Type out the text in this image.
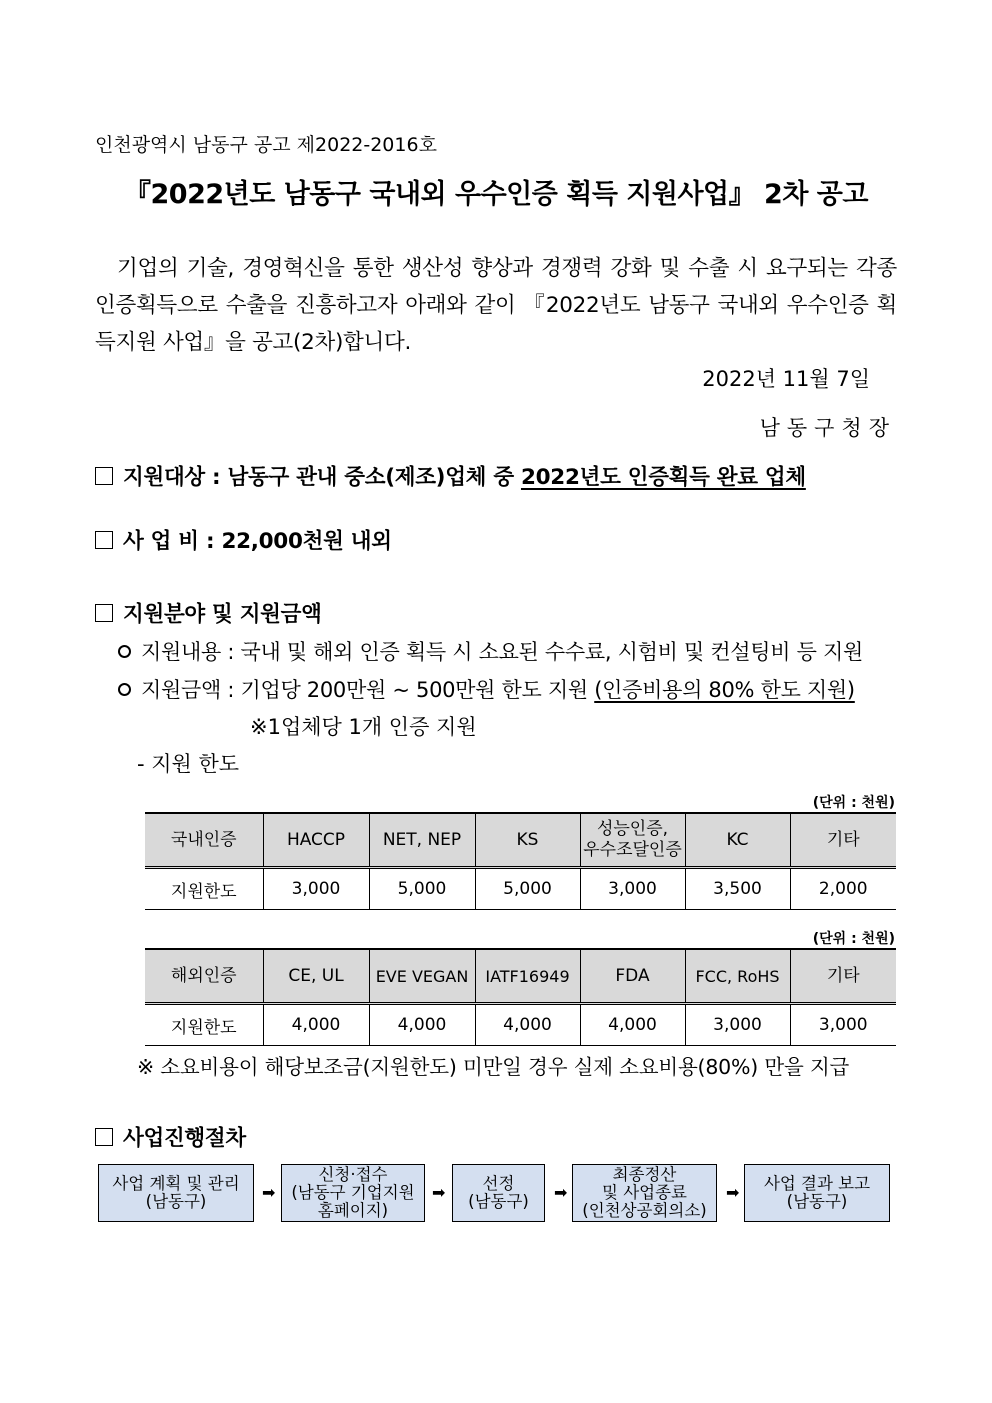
인천광역시 남동구 공고 제2022-2016호
『2022년도 남동구 국내외 우수인증 획득 지원사업』 2차 공고
기업의 기술, 경영혁신을 통한 생산성 향상과 경쟁력 강화 및 수출 시 요구되는 각종 인증획득으로 수출을 진흥하고자 아래와 같이 『2022년도 남동구 국내외 우수인증 획득지원 사업』을 공고(2차)합니다.
2022년 11월 7일
남동구청장
지원대상 : 남동구 관내 중소(제조)업체 중 2022년도 인증획득 완료 업체
사 업 비 : 22,000천원 내외
지원분야 및 지원금액
지원내용 : 국내 및 해외 인증 획득 시 소요된 수수료, 시험비 및 컨설팅비 등 지원
지원금액 : 기업당 200만원 ~ 500만원 한도 지원 (인증비용의 80% 한도 지원)
※1업체당 1개 인증 지원
- 지원 한도
(단위 : 천원)
국내인증	HACCP	NET, NEP	KS	성능인증,
우수조달인증	KC	기타
지원한도	3,000	5,000	5,000	3,000	3,500	2,000
(단위 : 천원)
해외인증	CE, UL	EVE VEGAN	IATF16949	FDA	FCC, RoHS	기타
지원한도	4,000	4,000	4,000	4,000	3,000	3,000
※ 소요비용이 해당보조금(지원한도) 미만일 경우 실제 소요비용(80%) 만을 지급
사업진행절차
사업 계획 및 관리
(남동구)	➡
신청·접수
(남동구 기업지원
홈페이지)
➡ 선정
(남동구) ➡
최종정산
및 사업종료
(인천상공회의소)
➡ 사업 결과 보고
(남동구)
